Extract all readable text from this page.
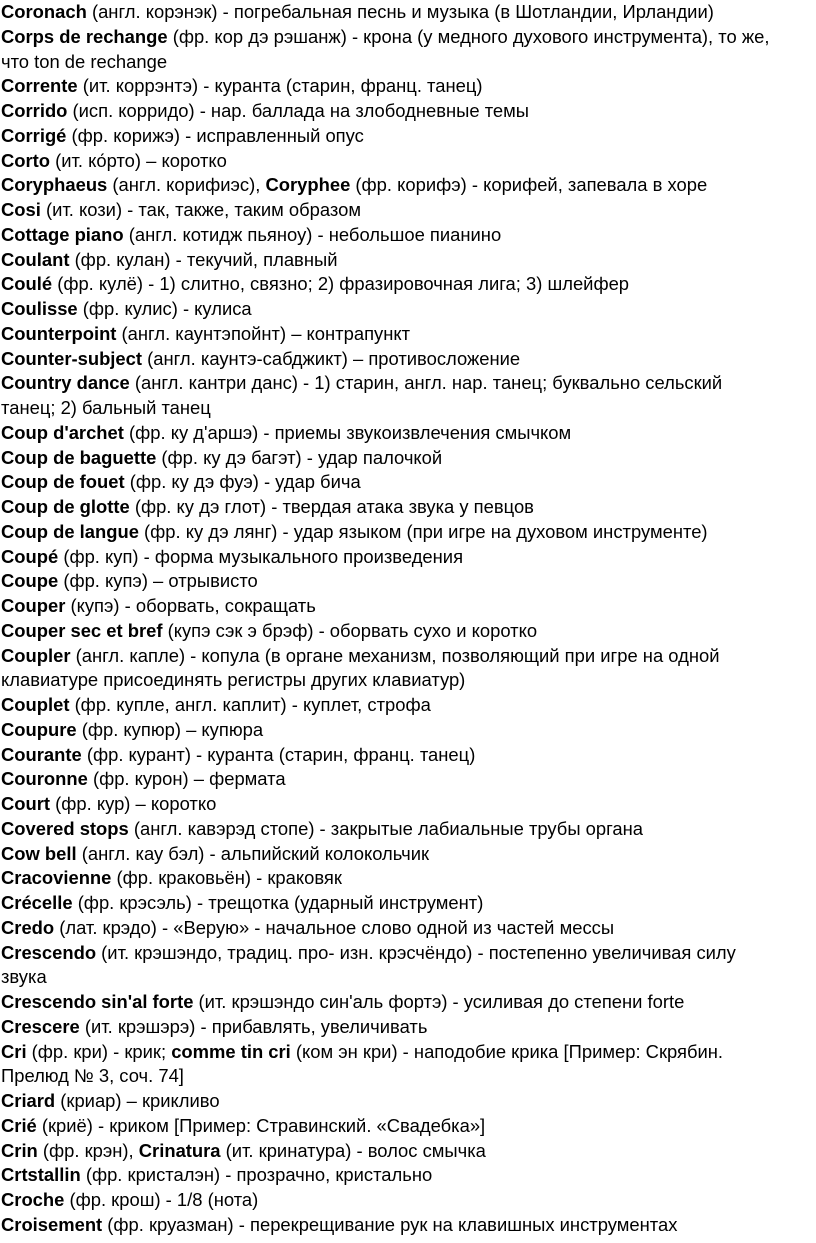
Coronach (англ. корэнэк) - погребальная песнь и музыка (в Шотландии, Ирландии) Corps de rechange (фр. кор дэ рэшанж) - крона (у медного духового инструмента), то же, что ton de rechange

Corrente (ит. коррэнтэ) - куранта (старин, франц. танец)

Corrido (исп. корридо) - нар. баллада на злободневные темы

Corrigé (фр. корижэ) - исправленный опус

Corto (ит. ко́рто) – коротко

Coryphaeus (англ. корифиэс), Coryphee (фр. корифэ) - корифей, запевала в хоре

Cosi (ит. кози) - так, также, таким образом

Cottage piano (англ. котидж пьяноу) - небольшое пианино

Coulant (фр. кулан) - текучий, плавный

Coulé (фр. кулё) - 1) слитно, связно; 2) фразировочная лига; 3) шлейфер

Coulisse (фр. кулис) - кулиса

Counterpoint (англ. каунтэпойнт) – контрапункт

Counter-subject (англ. каунтэ-сабджикт) – противосложение

Country dance (англ. кантри данс) - 1) старин, англ. нар. танец; буквально сельский танец; 2) бальный танец

Coup d'archet (фр. ку д'аршэ) - приемы звукоизвлечения смычком

Coup de baguette (фр. ку дэ багэт) - удар палочкой

Coup de fouet (фр. ку дэ фуэ) - удар бича

Coup de glotte (фр. ку дэ глот) - твердая атака звука у певцов

Coup de langue (фр. ку дэ лянг) - удар языком (при игре на духовом инструменте)

Coupé (фр. куп) - форма музыкального произведения

Coupe (фр. купэ) – отрывисто

Couper (купэ) - оборвать, сокращать

Couper sec et bref (купэ сэк э брэф) - оборвать сухо и коротко

Coupler (англ. капле) - копула (в органе механизм, позволяющий при игре на одной клавиатуре присоединять регистры других клавиатур)

Couplet (фр. купле, англ. каплит) - куплет, строфа

Coupure (фр. купюр) – купюра

Courante (фр. курант) - куранта (старин, франц. танец)

Couronne (фр. курон) – фермата

Court (фр. кур) – коротко

Covered stops (англ. кавэрэд стопе) - закрытые лабиальные трубы органа

Cow bell (англ. кау бэл) - альпийский колокольчик

Cracovienne (фр. краковьён) - краковяк

Crécelle (фр. крэсэль) - трещотка (ударный инструмент)

Credo (лат. крэдо) - «Верую» - начальное слово одной из частей мессы

Crescendo (ит. крэшэндо, традиц. про- изн. крэсчёндо) - постепенно увеличивая силу звука

Crescendo sin'al forte (ит. крэшэндо син'аль фортэ) - усиливая до степени forte

Crescere (ит. крэшэрэ) - прибавлять, увеличивать

Cri (фр. кри) - крик; comme tin cri (ком эн кри) - наподобие крика [Пример: Скрябин. Прелюд № 3, соч. 74]

Criard (криар) – крикливо

Crié (криё) - криком [Пример: Стравинский. «Свадебка»]

Crin (фр. крэн), Crinatura (ит. кринатура) - волос смычка

Crtstallin (фр. кристалэн) - прозрачно, кристально

Croche (фр. крош) - 1/8 (нота)

Croisement (фр. круазман) - перекрещивание рук на клавишных инструментах
